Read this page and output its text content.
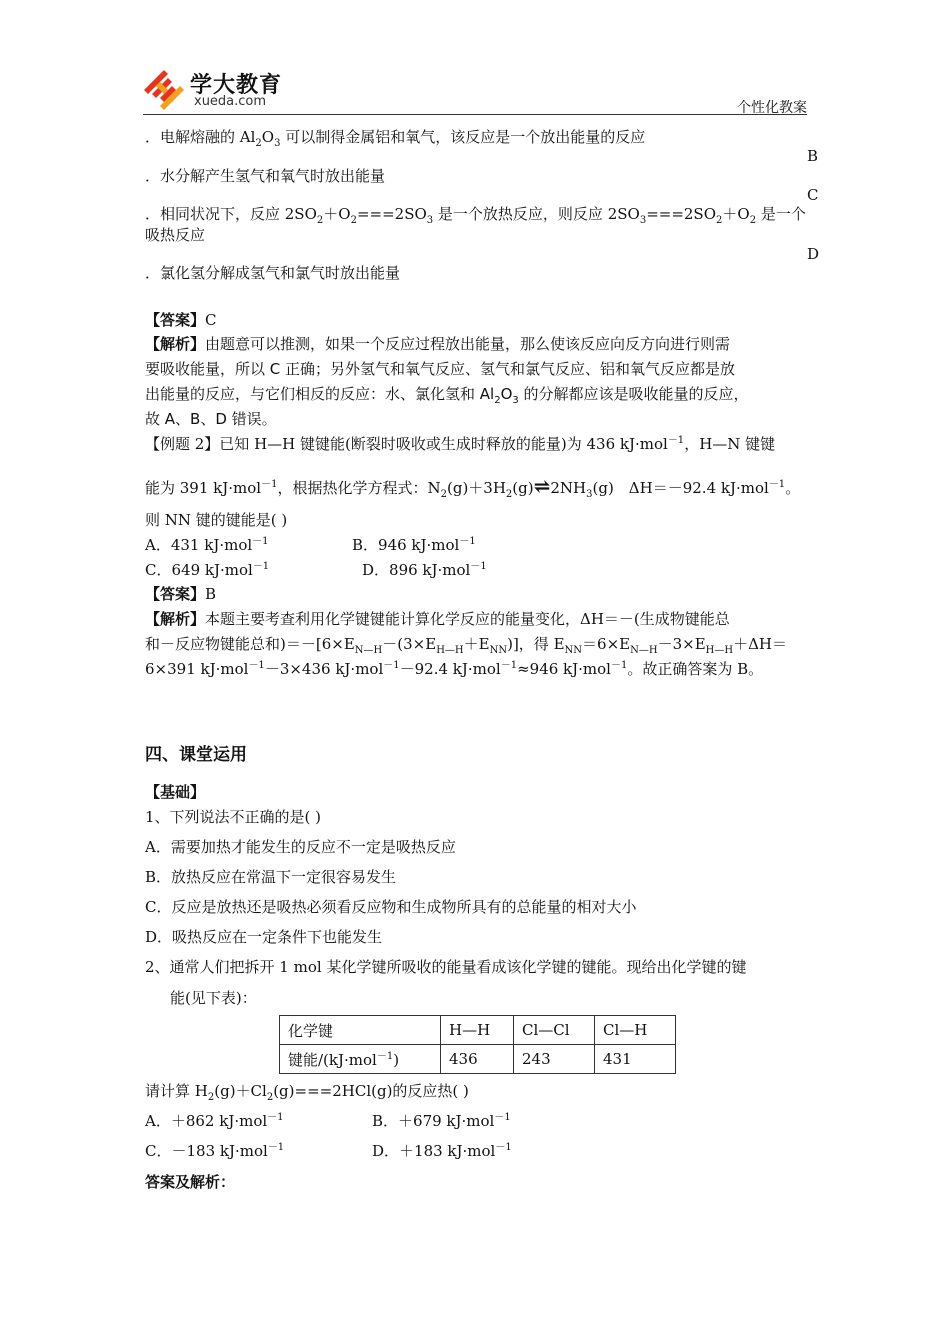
学大教育
xueda.com	个性化教案
．电解熔融的 $Al_2O_3$ 可以制得金属铝和氧气，该反应是一个放出能量的反应
B
．水分解产生氢气和氧气时放出能量
C
．相同状况下，反应 $2SO_2+O_2===2SO_3$ 是一个放热反应，则反应 $2SO_3===2SO_2+O_2$ 是一个
吸热反应
D
．氯化氢分解成氢气和氯气时放出能量
【答案】C
【解析】由题意可以推测，如果一个反应过程放出能量，那么使该反应向反方向进行则需
要吸收能量，所以 C 正确；另外氢气和氧气反应、氢气和氯气反应、铝和氧气反应都是放
出能量的反应，与它们相反的反应：水、氯化氢和 $Al_2O_3$ 的分解都应该是吸收能量的反应，
故 A、B、D 错误。
【例题 2】已知 H—H 键键能(断裂时吸收或生成时释放的能量)为 436 kJ·mol$^{-1}$，H—N 键键
能为 391 kJ·mol$^{-1}$，根据热化学方程式：$N_2(g)+3H_2(g)\rightleftharpoons 2NH_3(g)$　ΔH＝－92.4 kJ·mol$^{-1}$。
则 NN 键的键能是( )
A．431 kJ·mol$^{-1}$	B．946 kJ·mol$^{-1}$
C．649 kJ·mol$^{-1}$	D．896 kJ·mol$^{-1}$
【答案】B
【解析】本题主要考查利用化学键键能计算化学反应的能量变化，ΔH＝－(生成物键能总
和－反应物键能总和)$=-[6\times E_{N—H}-(3\times E_{H—H}+E_{NN})]$，得 $E_{NN}=6\times E_{N—H}-3\times E_{H—H}+\Delta H=$
6×391 kJ·mol$^{-1}$－3×436 kJ·mol$^{-1}$－92.4 kJ·mol$^{-1}$≈946 kJ·mol$^{-1}$。故正确答案为 B。
四、课堂运用
【基础】
1、下列说法不正确的是( )
A．需要加热才能发生的反应不一定是吸热反应
B．放热反应在常温下一定很容易发生
C．反应是放热还是吸热必须看反应物和生成物所具有的总能量的相对大小
D．吸热反应在一定条件下也能发生
2、通常人们把拆开 1 mol 某化学键所吸收的能量看成该化学键的键能。现给出化学键的键
能(见下表)：
化学键	H—H	Cl—Cl	Cl—H
键能/(kJ·mol$^{-1}$)	436	243	431
请计算 $H_2(g)+Cl_2(g)===2HCl(g)$的反应热( )
A．＋862 kJ·mol$^{-1}$	B．＋679 kJ·mol$^{-1}$
C．－183 kJ·mol$^{-1}$	D．＋183 kJ·mol$^{-1}$
答案及解析：
